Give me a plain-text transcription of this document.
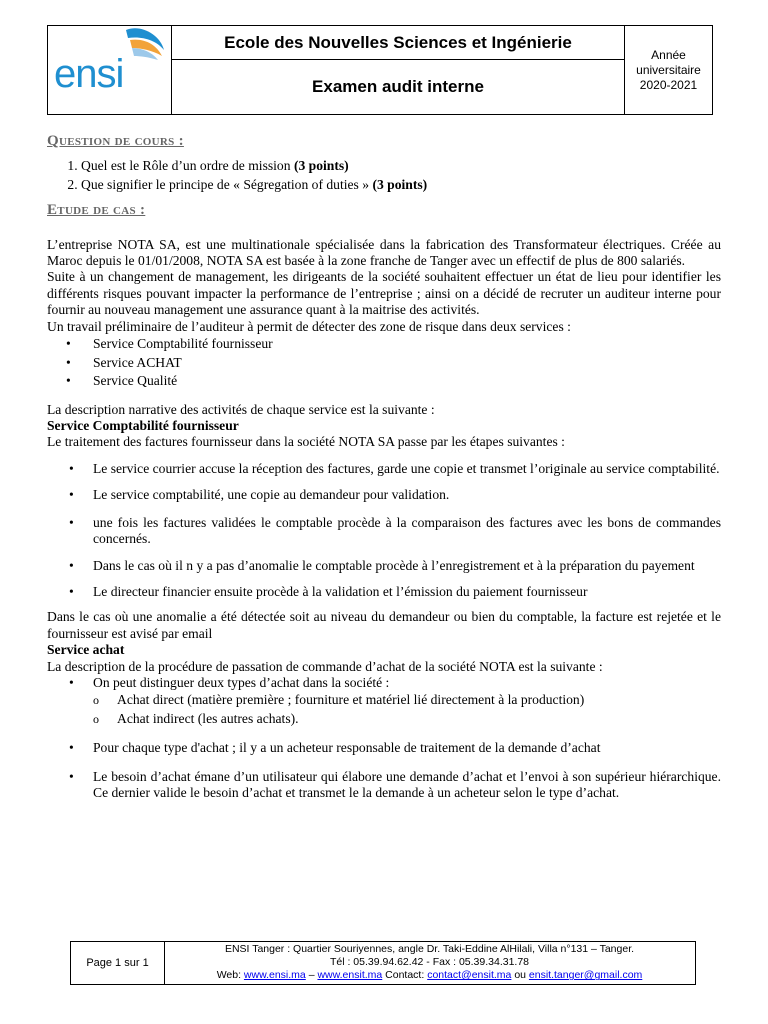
ensi
Ecole des Nouvelles Sciences et Ingénierie
Examen audit interne
Année universitaire
2020-2021

Question de cours :

1. Quel est le Rôle d’un ordre de mission (3 points)
2. Que signifier le principe de « Ségregation of duties » (3 points)

Etude de cas :

L’entreprise NOTA SA, est une multinationale spécialisée dans la fabrication des Transformateur électriques. Créée au Maroc depuis le 01/01/2008, NOTA SA est basée à la zone franche de Tanger avec un effectif de plus de 800 salariés.

Suite à un changement de management, les dirigeants de la société souhaitent effectuer un état de lieu pour identifier les différents risques pouvant impacter la performance de l’entreprise ; ainsi on a décidé de recruter un auditeur interne pour fournir au nouveau management une assurance quant à la maitrise des activités.

Un travail préliminaire de l’auditeur à permit de détecter des zone de risque dans deux services :

• Service Comptabilité fournisseur
• Service ACHAT
• Service Qualité

La description narrative des activités de chaque service est la suivante :

Service Comptabilité fournisseur

Le traitement des factures fournisseur dans la société NOTA SA passe par les étapes suivantes :

• Le service courrier accuse la réception des factures, garde une copie et transmet l’originale au service comptabilité.
• Le service comptabilité, une copie au demandeur pour validation.
• une fois les factures validées le comptable procède à la comparaison des factures avec les bons de commandes concernés.
• Dans le cas où il n y a pas d’anomalie le comptable procède à l’enregistrement et à la préparation du payement
• Le directeur financier ensuite procède à la validation et l’émission du paiement fournisseur

Dans le cas où une anomalie a été détectée soit au niveau du demandeur ou bien du comptable, la facture est rejetée et le fournisseur est avisé par email

Service achat

La description de la procédure de passation de commande d’achat de la société NOTA est la suivante :

• On peut distinguer deux types d’achat dans la société :
o Achat direct (matière première ; fourniture et matériel lié directement à la production)
o Achat indirect (les autres achats).
• Pour chaque type d'achat ; il y a un acheteur responsable de traitement de la demande d’achat
• Le besoin d’achat émane d’un utilisateur qui élabore une demande d’achat et l’envoi à son supérieur hiérarchique. Ce dernier valide le besoin d’achat et transmet le la demande à un acheteur selon le type d’achat.
Page 1 sur 1
ENSI Tanger : Quartier Souriyennes, angle Dr. Taki-Eddine AlHilali, Villa n°131 – Tanger.
Tél : 05.39.94.62.42 - Fax : 05.39.34.31.78
Web: www.ensi.ma – www.ensit.ma Contact: contact@ensit.ma ou ensit.tanger@gmail.com
